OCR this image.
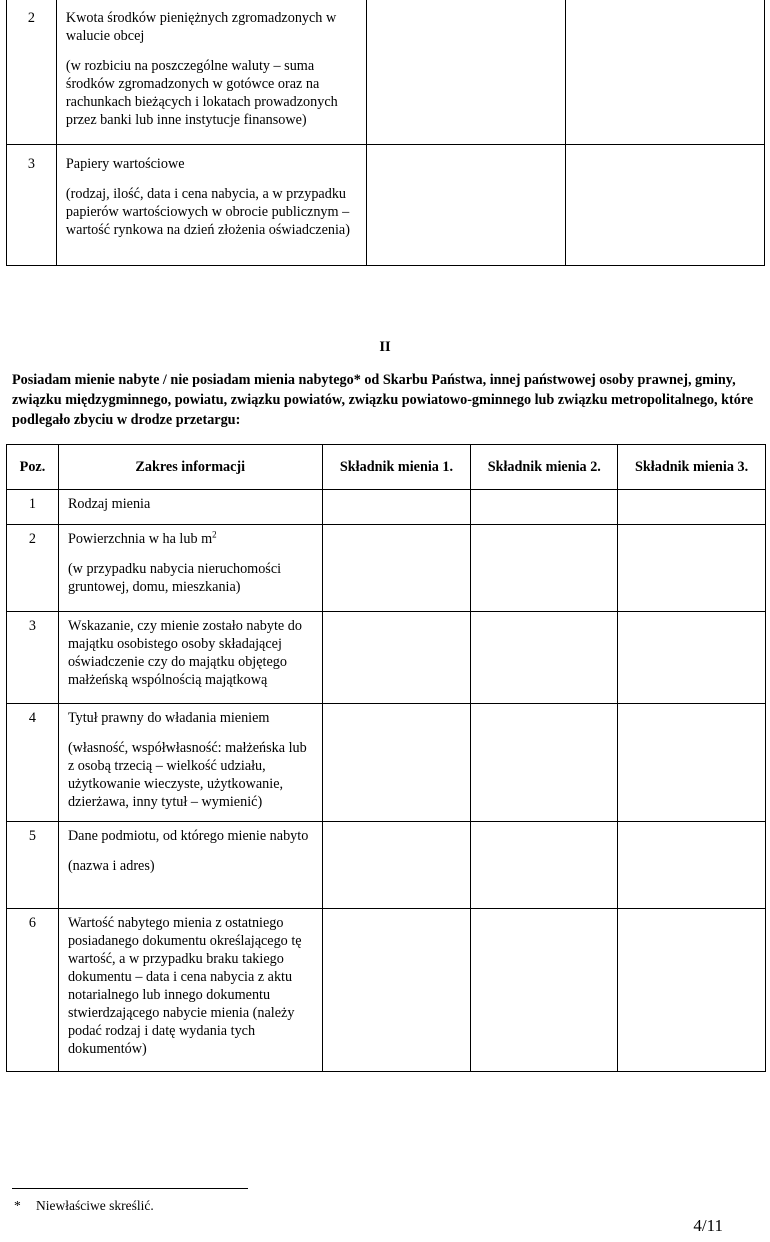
2	Kwota środków pieniężnych zgromadzonych w walucie obcej

(w rozbiciu na poszczególne waluty – suma środków zgromadzonych w gotówce oraz na rachunkach bieżących i lokatach prowadzonych przez banki lub inne instytucje finansowe)		

3	Papiery wartościowe

(rodzaj, ilość, data i cena nabycia, a w przypadku papierów wartościowych w obrocie publicznym – wartość rynkowa na dzień złożenia oświadczenia)		

II
Posiadam mienie nabyte / nie posiadam mienia nabytego* od Skarbu Państwa, innej państwowej osoby prawnej, gminy, związku międzygminnego, powiatu, związku powiatów, związku powiatowo-gminnego lub związku metropolitalnego, które podlegało zbyciu w drodze przetargu:
Poz.	Zakres informacji	Składnik mienia 1.	Składnik mienia 2.	Składnik mienia 3.
1	Rodzaj mienia			

2	Powierzchnia w ha lub $m^2$

(w przypadku nabycia nieruchomości gruntowej, domu, mieszkania)			

3	Wskazanie, czy mienie zostało nabyte do majątku osobistego osoby składającej oświadczenie czy do majątku objętego małżeńską wspólnością majątkową			

4	Tytuł prawny do władania mieniem

(własność, współwłasność: małżeńska lub z osobą trzecią – wielkość udziału, użytkowanie wieczyste, użytkowanie, dzierżawa, inny tytuł – wymienić)			

5	Dane podmiotu, od którego mienie nabyto

(nazwa i adres)			

6	Wartość nabytego mienia z ostatniego posiadanego dokumentu określającego tę wartość, a w przypadku braku takiego dokumentu – data i cena nabycia z aktu notarialnego lub innego dokumentu stwierdzającego nabycie mienia (należy podać rodzaj i datę wydania tych dokumentów)			

* Niewłaściwe skreślić.
4/11
